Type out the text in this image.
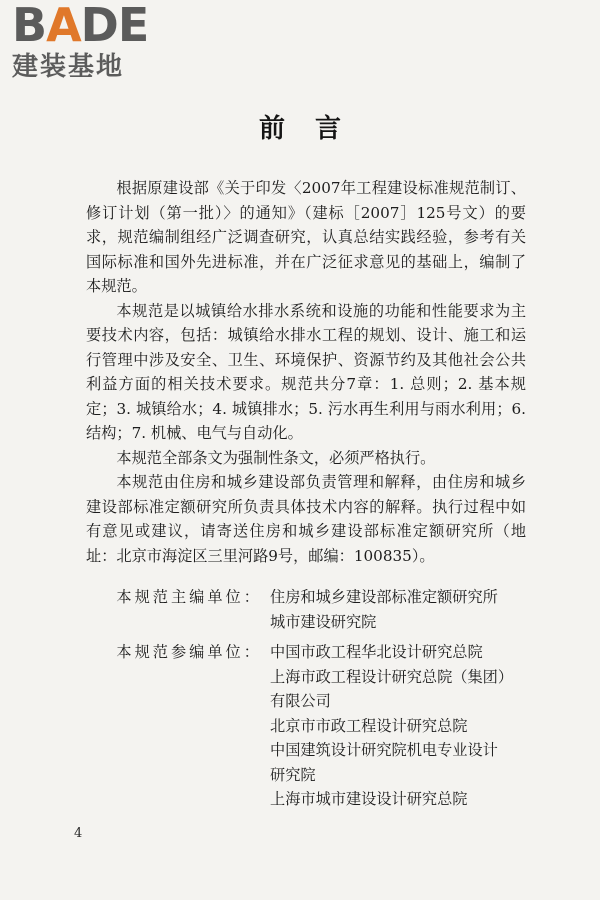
BADE
建装基地
前言

根据原建设部《关于印发〈2007年工程建设标准规范制订、修订计划（第一批）〉的通知》（建标［2007］125号文）的要求，规范编制组经广泛调查研究，认真总结实践经验，参考有关国际标准和国外先进标准，并在广泛征求意见的基础上，编制了本规范。

本规范是以城镇给水排水系统和设施的功能和性能要求为主要技术内容，包括：城镇给水排水工程的规划、设计、施工和运行管理中涉及安全、卫生、环境保护、资源节约及其他社会公共利益方面的相关技术要求。规范共分7章：1. 总则；2. 基本规定；3. 城镇给水；4. 城镇排水；5. 污水再生利用与雨水利用；6. 结构；7. 机械、电气与自动化。

本规范全部条文为强制性条文，必须严格执行。

本规范由住房和城乡建设部负责管理和解释，由住房和城乡建设部标准定额研究所负责具体技术内容的解释。执行过程中如有意见或建议，请寄送住房和城乡建设部标准定额研究所（地址：北京市海淀区三里河路9号，邮编：100835）。

本规范主编单位： 住房和城乡建设部标准定额研究所
城市建设研究院
本规范参编单位： 中国市政工程华北设计研究总院
上海市政工程设计研究总院（集团）
有限公司
北京市市政工程设计研究总院
中国建筑设计研究院机电专业设计
研究院
上海市城市建设设计研究总院
4
